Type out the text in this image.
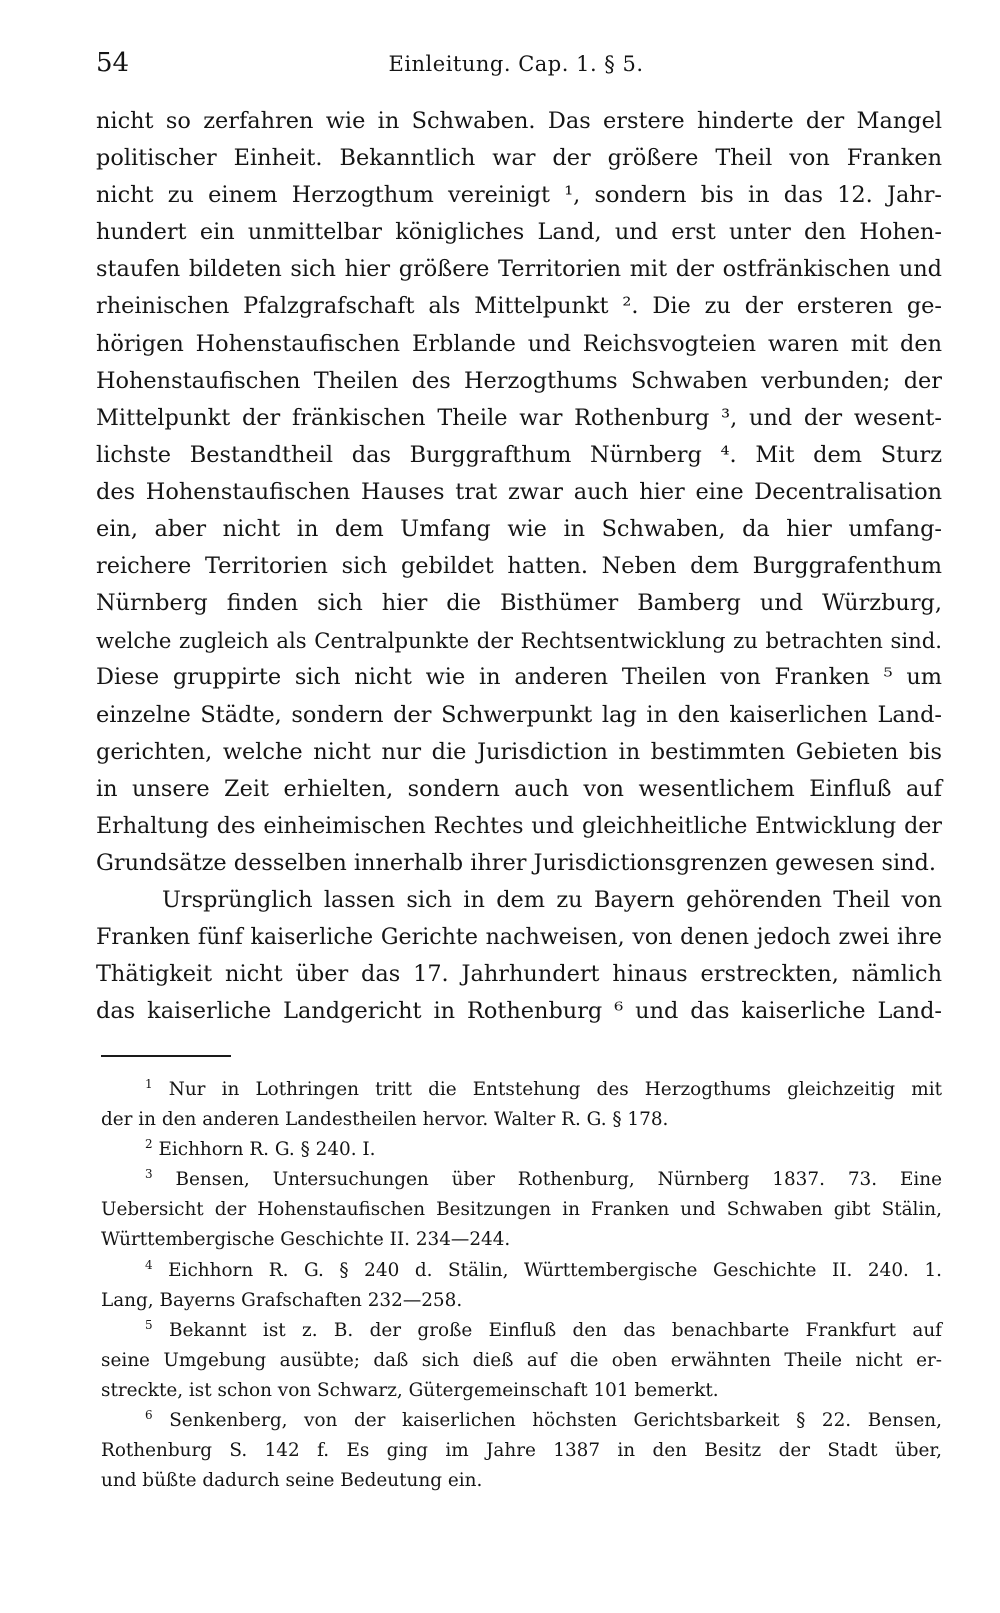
54	Einleitung. Cap. 1. § 5.
nicht so zerfahren wie in Schwaben. Das erstere hinderte der Mangel
politischer Einheit. Bekanntlich war der größere Theil von Franken
nicht zu einem Herzogthum vereinigt ¹, sondern bis in das 12. Jahr-
hundert ein unmittelbar königliches Land, und erst unter den Hohen-
staufen bildeten sich hier größere Territorien mit der ostfränkischen und
rheinischen Pfalzgrafschaft als Mittelpunkt ². Die zu der ersteren ge-
hörigen Hohenstaufischen Erblande und Reichsvogteien waren mit den
Hohenstaufischen Theilen des Herzogthums Schwaben verbunden; der
Mittelpunkt der fränkischen Theile war Rothenburg ³, und der wesent-
lichste Bestandtheil das Burggrafthum Nürnberg ⁴. Mit dem Sturz
des Hohenstaufischen Hauses trat zwar auch hier eine Decentralisation
ein, aber nicht in dem Umfang wie in Schwaben, da hier umfang-
reichere Territorien sich gebildet hatten. Neben dem Burggrafenthum
Nürnberg finden sich hier die Bisthümer Bamberg und Würzburg,
welche zugleich als Centralpunkte der Rechtsentwicklung zu betrachten sind.
Diese gruppirte sich nicht wie in anderen Theilen von Franken ⁵ um
einzelne Städte, sondern der Schwerpunkt lag in den kaiserlichen Land-
gerichten, welche nicht nur die Jurisdiction in bestimmten Gebieten bis
in unsere Zeit erhielten, sondern auch von wesentlichem Einfluß auf
Erhaltung des einheimischen Rechtes und gleichheitliche Entwicklung der
Grundsätze desselben innerhalb ihrer Jurisdictionsgrenzen gewesen sind.
Ursprünglich lassen sich in dem zu Bayern gehörenden Theil von
Franken fünf kaiserliche Gerichte nachweisen, von denen jedoch zwei ihre
Thätigkeit nicht über das 17. Jahrhundert hinaus erstreckten, nämlich
das kaiserliche Landgericht in Rothenburg ⁶ und das kaiserliche Land-
$^1$ Nur in Lothringen tritt die Entstehung des Herzogthums gleichzeitig mit
der in den anderen Landestheilen hervor. Walter R. G. § 178.
$^2$ Eichhorn R. G. § 240. I.
$^3$ Bensen, Untersuchungen über Rothenburg, Nürnberg 1837. 73. Eine
Uebersicht der Hohenstaufischen Besitzungen in Franken und Schwaben gibt Stälin,
Württembergische Geschichte II. 234—244.
$^4$ Eichhorn R. G. § 240 d. Stälin, Württembergische Geschichte II. 240. 1.
Lang, Bayerns Grafschaften 232—258.
$^5$ Bekannt ist z. B. der große Einfluß den das benachbarte Frankfurt auf
seine Umgebung ausübte; daß sich dieß auf die oben erwähnten Theile nicht er-
streckte, ist schon von Schwarz, Gütergemeinschaft 101 bemerkt.
$^6$ Senkenberg, von der kaiserlichen höchsten Gerichtsbarkeit § 22. Bensen,
Rothenburg S. 142 f. Es ging im Jahre 1387 in den Besitz der Stadt über,
und büßte dadurch seine Bedeutung ein.
